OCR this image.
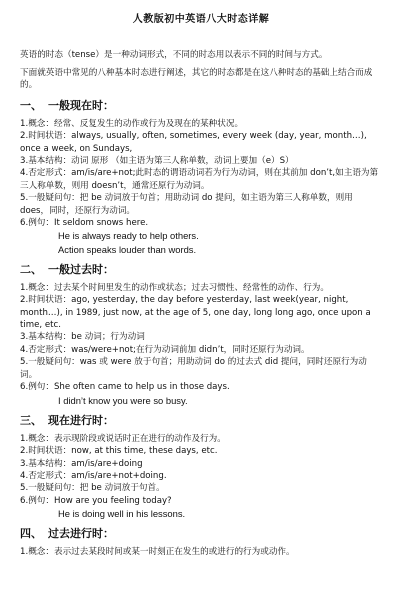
人教版初中英语八大时态详解

英语的时态（tense）是一种动词形式，不同的时态用以表示不同的时间与方式。

下面就英语中常见的八种基本时态进行阐述，其它的时态都是在这八种时态的基础上结合而成的。

一、 一般现在时：

1.概念：经常、反复发生的动作或行为及现在的某种状况。

2.时间状语：always, usually, often, sometimes, every week (day, year, month…), once a week, on Sundays,

3.基本结构：动词 原形 （如主语为第三人称单数，动词上要加（e）S）

4.否定形式：am/is/are+not;此时态的谓语动词若为行为动词，则在其前加 don’t,如主语为第三人称单数，则用 doesn’t，通常还原行为动词。

5.一般疑问句：把 be 动词放于句首；用助动词 do 提问，如主语为第三人称单数，则用 does，同时，还原行为动词。

6.例句：It seldom snows here.

He is always ready to help others.

Action speaks louder than words.

二、 一般过去时：

1.概念：过去某个时间里发生的动作或状态；过去习惯性、经常性的动作、行为。

2.时间状语：ago, yesterday, the day before yesterday, last week(year, night, month…), in 1989, just now, at the age of 5, one day, long long ago, once upon a time, etc.

3.基本结构：be 动词；行为动词

4.否定形式：was/were+not;在行为动词前加 didn’t，同时还原行为动词。

5.一般疑问句：was 或 were 放于句首；用助动词 do 的过去式 did 提问，同时还原行为动词。

6.例句：She often came to help us in those days.

I didn’t know you were so busy.

三、 现在进行时：

1.概念：表示现阶段或说话时正在进行的动作及行为。

2.时间状语：now, at this time, these days, etc.

3.基本结构：am/is/are+doing

4.否定形式：am/is/are+not+doing.

5.一般疑问句：把 be 动词放于句首。

6.例句：How are you feeling today?

He is doing well in his lessons.

四、 过去进行时：

1.概念：表示过去某段时间或某一时刻正在发生的或进行的行为或动作。
